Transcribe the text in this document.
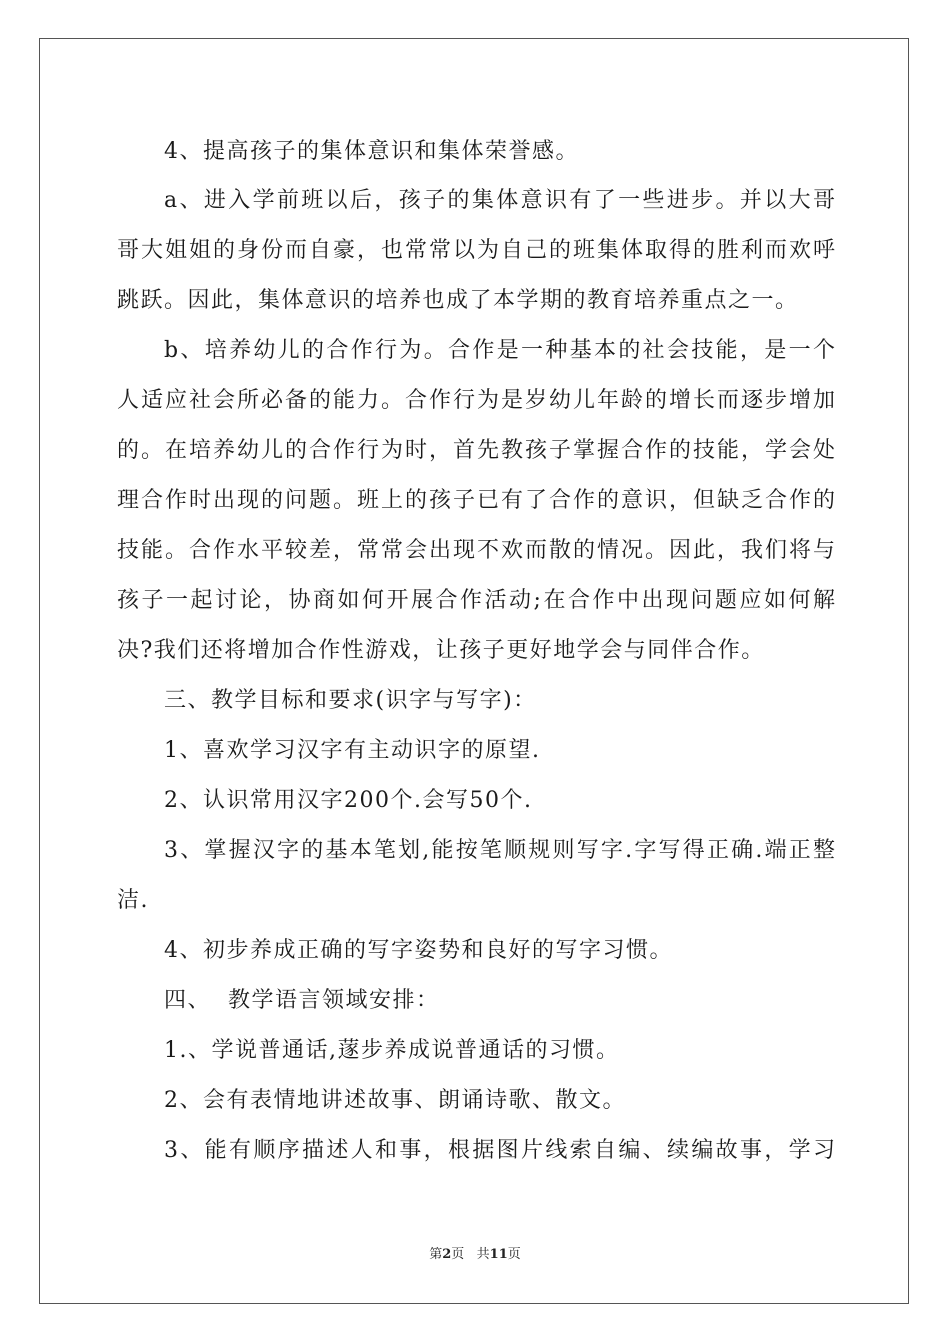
4、提高孩子的集体意识和集体荣誉感。
a、进入学前班以后，孩子的集体意识有了一些进步。并以大哥
哥大姐姐的身份而自豪，也常常以为自己的班集体取得的胜利而欢呼
跳跃。因此，集体意识的培养也成了本学期的教育培养重点之一。
b、培养幼儿的合作行为。合作是一种基本的社会技能，是一个
人适应社会所必备的能力。合作行为是岁幼儿年龄的增长而逐步增加
的。在培养幼儿的合作行为时，首先教孩子掌握合作的技能，学会处
理合作时出现的问题。班上的孩子已有了合作的意识，但缺乏合作的
技能。合作水平较差，常常会出现不欢而散的情况。因此，我们将与
孩子一起讨论，协商如何开展合作活动;在合作中出现问题应如何解
决?我们还将增加合作性游戏，让孩子更好地学会与同伴合作。
三、教学目标和要求(识字与写字)：
1、喜欢学习汉字有主动识字的原望.
2、认识常用汉字200个.会写50个.
3、掌握汉字的基本笔划,能按笔顺规则写字.字写得正确.端正整
洁.
4、初步养成正确的写字姿势和良好的写字习惯。
四、  教学语言领域安排：
1.、学说普通话,蓫步养成说普通话的习惯。
2、会有表情地讲述故事、朗诵诗歌、散文。
3、能有顺序描述人和事，根据图片线索自编、续编故事，学习
第2页   共11页
